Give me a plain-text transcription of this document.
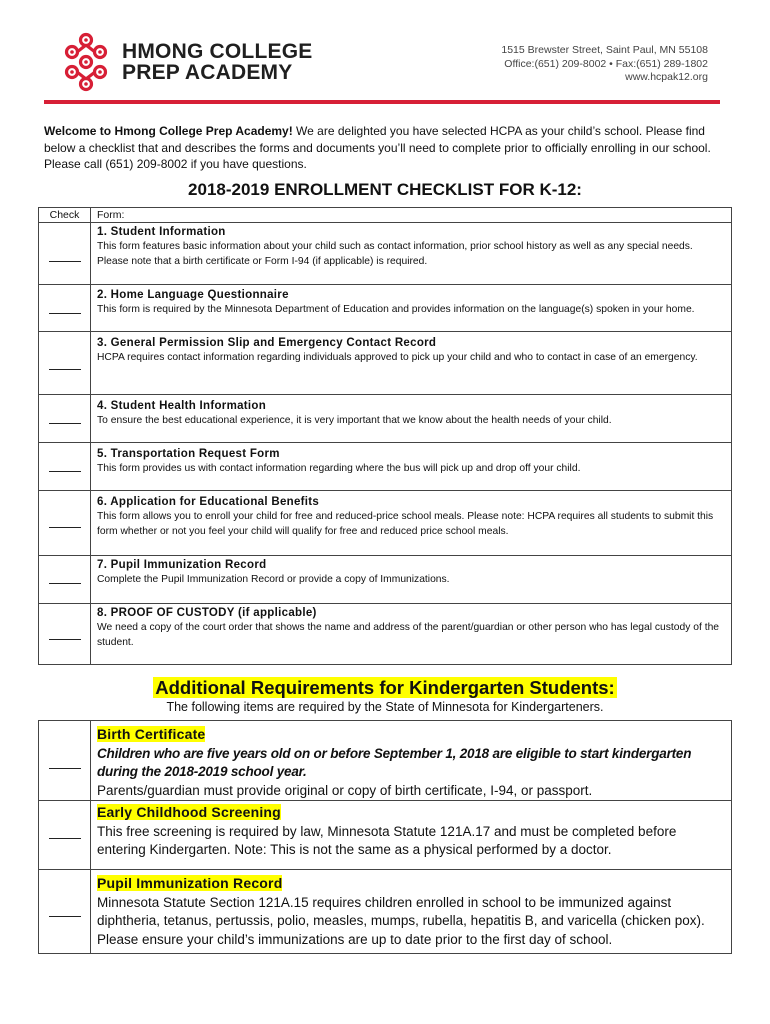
HMONG COLLEGE
PREP ACADEMY
1515 Brewster Street, Saint Paul, MN 55108
Office:(651) 209-8002 • Fax:(651) 289-1802
www.hcpak12.org
Welcome to Hmong College Prep Academy! We are delighted you have selected HCPA as your child’s school. Please find below a checklist that and describes the forms and documents you’ll need to complete prior to officially enrolling in our school. Please call (651) 209-8002 if you have questions.
2018-2019 ENROLLMENT CHECKLIST FOR K-12:
Check	Form:
1. Student Information
This form features basic information about your child such as contact information, prior school history as well as any special needs. Please note that a birth certificate or Form I-94 (if applicable) is required.
2. Home Language Questionnaire
This form is required by the Minnesota Department of Education and provides information on the language(s) spoken in your home.
3. General Permission Slip and Emergency Contact Record
HCPA requires contact information regarding individuals approved to pick up your child and who to contact in case of an emergency.
4. Student Health Information
To ensure the best educational experience, it is very important that we know about the health needs of your child.
5. Transportation Request Form
This form provides us with contact information regarding where the bus will pick up and drop off your child.
6. Application for Educational Benefits
This form allows you to enroll your child for free and reduced-price school meals. Please note: HCPA requires all students to submit this form whether or not you feel your child will qualify for free and reduced price school meals.
7. Pupil Immunization Record
Complete the Pupil Immunization Record or provide a copy of Immunizations.
8. PROOF OF CUSTODY (if applicable)
We need a copy of the court order that shows the name and address of the parent/guardian or other person who has legal custody of the student.
Additional Requirements for Kindergarten Students:
The following items are required by the State of Minnesota for Kindergarteners.
Birth Certificate
Children who are five years old on or before September 1, 2018 are eligible to start kindergarten during the 2018-2019 school year.
Parents/guardian must provide original or copy of birth certificate, I-94, or passport.
Early Childhood Screening
This free screening is required by law, Minnesota Statute 121A.17 and must be completed before entering Kindergarten. Note: This is not the same as a physical performed by a doctor.
Pupil Immunization Record
Minnesota Statute Section 121A.15 requires children enrolled in school to be immunized against diphtheria, tetanus, pertussis, polio, measles, mumps, rubella, hepatitis B, and varicella (chicken pox). Please ensure your child’s immunizations are up to date prior to the first day of school.
